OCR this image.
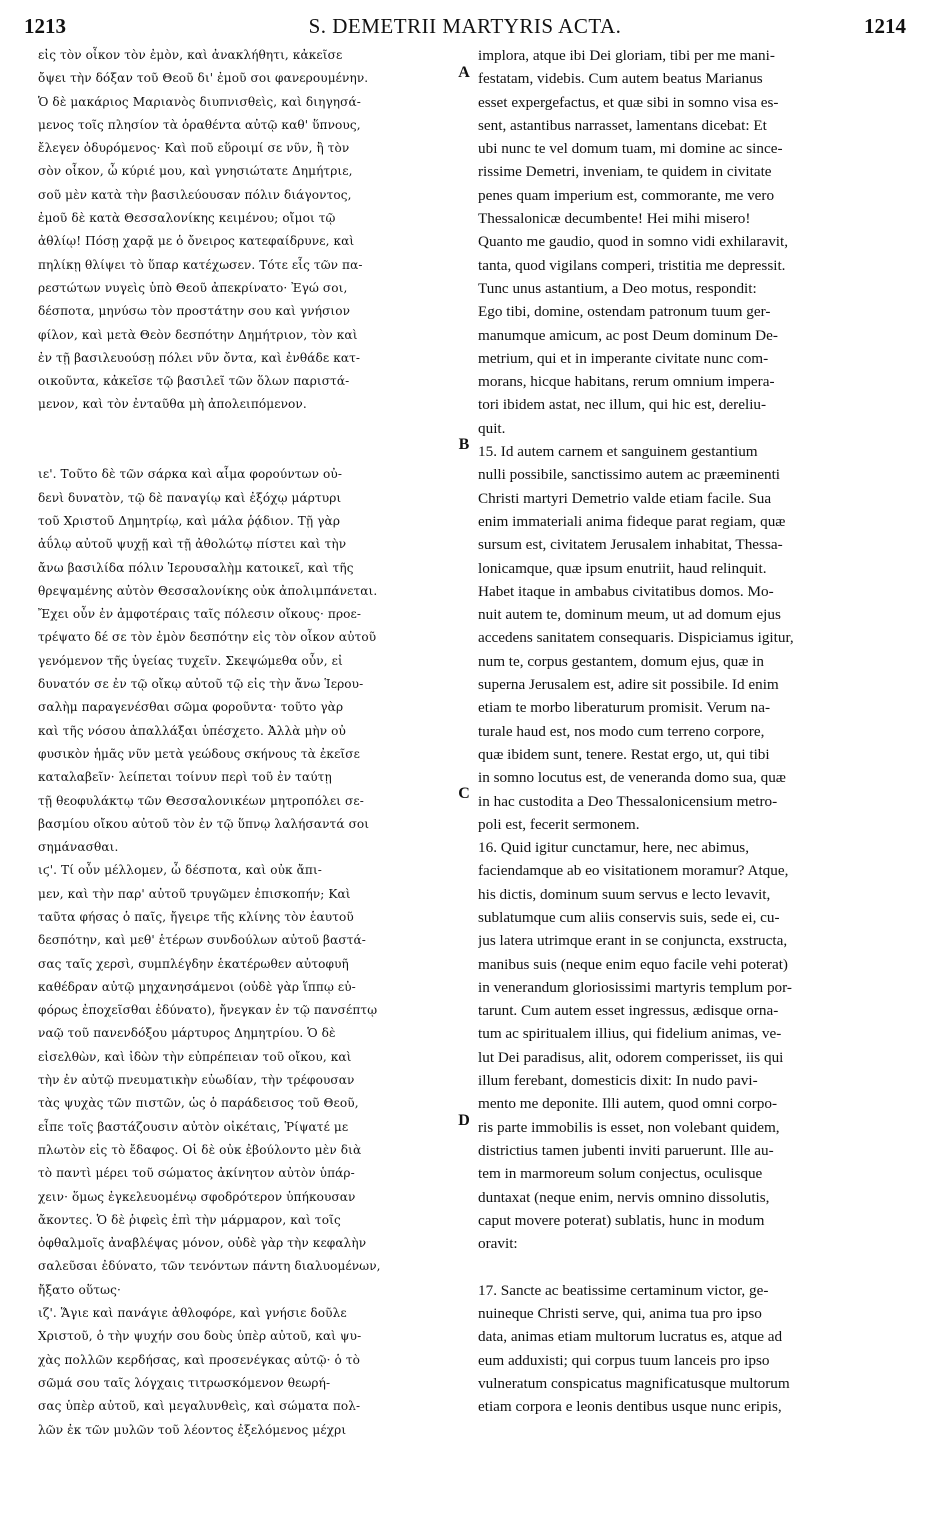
1213	S. DEMETRII MARTYRIS ACTA.	1214
εἰς τὸν οἶκον τὸν ἐμὸν, καὶ ἀνακλήθητι, κἀκεῖσε
ὄψει τὴν δόξαν τοῦ Θεοῦ δι' ἐμοῦ σοι φανερουμένην.
Ὁ δὲ μακάριος Μαριανὸς διυπνισθεὶς, καὶ διηγησά-
μενος τοῖς πλησίον τὰ ὁραθέντα αὐτῷ καθ' ὕπνους,
ἔλεγεν ὀδυρόμενος· Καὶ ποῦ εὕροιμί σε νῦν, ἢ τὸν
σὸν οἶκον, ὦ κύριέ μου, καὶ γνησιώτατε Δημήτριε,
σοῦ μὲν κατὰ τὴν βασιλεύουσαν πόλιν διάγοντος,
ἐμοῦ δὲ κατὰ Θεσσαλονίκης κειμένου; οἴμοι τῷ
ἀθλίῳ! Πόσῃ χαρᾷ με ὁ ὄνειρος κατεφαίδρυνε, καὶ
πηλίκῃ θλίψει τὸ ὕπαρ κατέχωσεν. Τότε εἷς τῶν πα-
ρεστώτων νυγεὶς ὑπὸ Θεοῦ ἀπεκρίνατο· Ἐγώ σοι,
δέσποτα, μηνύσω τὸν προστάτην σου καὶ γνήσιον
φίλον, καὶ μετὰ Θεὸν δεσπότην Δημήτριον, τὸν καὶ
ἐν τῇ βασιλευούσῃ πόλει νῦν ὄντα, καὶ ἐνθάδε κατ-
οικοῦντα, κἀκεῖσε τῷ βασιλεῖ τῶν ὅλων παριστά-
μενον, καὶ τὸν ἐνταῦθα μὴ ἀπολειπόμενον.
ιε'. Τοῦτο δὲ τῶν σάρκα καὶ αἷμα φορούντων οὐ-
δενὶ δυνατὸν, τῷ δὲ παναγίῳ καὶ ἐξόχῳ μάρτυρι
τοῦ Χριστοῦ Δημητρίῳ, καὶ μάλα ῥᾴδιον. Τῇ γὰρ
ἀΰλῳ αὐτοῦ ψυχῇ καὶ τῇ ἀθολώτῳ πίστει καὶ τὴν
ἄνω βασιλίδα πόλιν Ἱερουσαλὴμ κατοικεῖ, καὶ τῆς
θρεψαμένης αὐτὸν Θεσσαλονίκης οὐκ ἀπολιμπάνεται.
Ἔχει οὖν ἐν ἀμφοτέραις ταῖς πόλεσιν οἴκους· προε-
τρέψατο δέ σε τὸν ἐμὸν δεσπότην εἰς τὸν οἶκον αὐτοῦ
γενόμενον τῆς ὑγείας τυχεῖν. Σκεψώμεθα οὖν, εἰ
δυνατόν σε ἐν τῷ οἴκῳ αὐτοῦ τῷ εἰς τὴν ἄνω Ἱερου-
σαλὴμ παραγενέσθαι σῶμα φοροῦντα· τοῦτο γὰρ
καὶ τῆς νόσου ἀπαλλάξαι ὑπέσχετο. Ἀλλὰ μὴν οὐ
φυσικὸν ἡμᾶς νῦν μετὰ γεώδους σκήνους τὰ ἐκεῖσε
καταλαβεῖν· λείπεται τοίνυν περὶ τοῦ ἐν ταύτῃ
τῇ θεοφυλάκτῳ τῶν Θεσσαλονικέων μητροπόλει σε-
βασμίου οἴκου αὐτοῦ τὸν ἐν τῷ ὕπνῳ λαλήσαντά σοι
σημάνασθαι.
ιϛ'. Τί οὖν μέλλομεν, ὦ δέσποτα, καὶ οὐκ ἄπι-
μεν, καὶ τὴν παρ' αὐτοῦ τρυγῶμεν ἐπισκοπήν; Καὶ
ταῦτα φήσας ὁ παῖς, ἤγειρε τῆς κλίνης τὸν ἑαυτοῦ
δεσπότην, καὶ μεθ' ἑτέρων συνδούλων αὐτοῦ βαστά-
σας ταῖς χερσὶ, συμπλέγδην ἑκατέρωθεν αὐτοφυῆ
καθέδραν αὐτῷ μηχανησάμενοι (οὐδὲ γὰρ ἵππῳ εὐ-
φόρως ἐποχεῖσθαι ἐδύνατο), ἤνεγκαν ἐν τῷ πανσέπτῳ
ναῷ τοῦ πανενδόξου μάρτυρος Δημητρίου. Ὁ δὲ
εἰσελθὼν, καὶ ἰδὼν τὴν εὐπρέπειαν τοῦ οἴκου, καὶ
τὴν ἐν αὐτῷ πνευματικὴν εὐωδίαν, τὴν τρέφουσαν
τὰς ψυχὰς τῶν πιστῶν, ὡς ὁ παράδεισος τοῦ Θεοῦ,
εἶπε τοῖς βαστάζουσιν αὐτὸν οἰκέταις, Ῥίψατέ με
πλωτὸν εἰς τὸ ἔδαφος. Οἱ δὲ οὐκ ἐβούλοντο μὲν διὰ
τὸ παντὶ μέρει τοῦ σώματος ἀκίνητον αὐτὸν ὑπάρ-
χειν· ὅμως ἐγκελευομένῳ σφοδρότερον ὑπήκουσαν
ἄκοντες. Ὁ δὲ ῥιφεὶς ἐπὶ τὴν μάρμαρον, καὶ τοῖς
ὀφθαλμοῖς ἀναβλέψας μόνον, οὐδὲ γὰρ τὴν κεφαλὴν
σαλεῦσαι ἐδύνατο, τῶν τενόντων πάντη διαλυομένων,
ἤξατο οὕτως·
ιζ'. Ἅγιε καὶ πανάγιε ἀθλοφόρε, καὶ γνήσιε δοῦλε
Χριστοῦ, ὁ τὴν ψυχήν σου δοὺς ὑπὲρ αὐτοῦ, καὶ ψυ-
χὰς πολλῶν κερδήσας, καὶ προσενέγκας αὐτῷ· ὁ τὸ
σῶμά σου ταῖς λόγχαις τιτρωσκόμενον θεωρή-
σας ὑπὲρ αὐτοῦ, καὶ μεγαλυνθεὶς, καὶ σώματα πολ-
λῶν ἐκ τῶν μυλῶν τοῦ λέοντος ἐξελόμενος μέχρι
implora, atque ibi Dei gloriam, tibi per me mani-
festatam, videbis. Cum autem beatus Marianus
esset expergefactus, et quæ sibi in somno visa es-
sent, astantibus narrasset, lamentans dicebat: Et
ubi nunc te vel domum tuam, mi domine ac since-
rissime Demetri, inveniam, te quidem in civitate
penes quam imperium est, commorante, me vero
Thessalonicæ decumbente! Hei mihi misero!
Quanto me gaudio, quod in somno vidi exhilaravit,
tanta, quod vigilans comperi, tristitia me depressit.
Tunc unus astantium, a Deo motus, respondit:
Ego tibi, domine, ostendam patronum tuum ger-
manumque amicum, ac post Deum dominum De-
metrium, qui et in imperante civitate nunc com-
morans, hicque habitans, rerum omnium impera-
tori ibidem astat, nec illum, qui hic est, dereliu-
quit.
15. Id autem carnem et sanguinem gestantium
nulli possibile, sanctissimo autem ac præeminenti
Christi martyri Demetrio valde etiam facile. Sua
enim immateriali anima fideque parat regiam, quæ
sursum est, civitatem Jerusalem inhabitat, Thessa-
lonicamque, quæ ipsum enutriit, haud relinquit.
Habet itaque in ambabus civitatibus domos. Mo-
nuit autem te, dominum meum, ut ad domum ejus
accedens sanitatem consequaris. Dispiciamus igitur,
num te, corpus gestantem, domum ejus, quæ in
superna Jerusalem est, adire sit possibile. Id enim
etiam te morbo liberaturum promisit. Verum na-
turale haud est, nos modo cum terreno corpore,
quæ ibidem sunt, tenere. Restat ergo, ut, qui tibi
in somno locutus est, de veneranda domo sua, quæ
in hac custodita a Deo Thessalonicensium metro-
poli est, fecerit sermonem.
16. Quid igitur cunctamur, here, nec abimus,
faciendamque ab eo visitationem moramur? Atque,
his dictis, dominum suum servus e lecto levavit,
sublatumque cum aliis conservis suis, sede ei, cu-
jus latera utrimque erant in se conjuncta, exstructa,
manibus suis (neque enim equo facile vehi poterat)
in venerandum gloriosissimi martyris templum por-
tarunt. Cum autem esset ingressus, ædisque orna-
tum ac spiritualem illius, qui fidelium animas, ve-
lut Dei paradisus, alit, odorem comperisset, iis qui
illum ferebant, domesticis dixit: In nudo pavi-
mento me deponite. Illi autem, quod omni corpo-
ris parte immobilis is esset, non volebant quidem,
districtius tamen jubenti inviti paruerunt. Ille au-
tem in marmoreum solum conjectus, oculisque
duntaxat (neque enim, nervis omnino dissolutis,
caput movere poterat) sublatis, hunc in modum
oravit:
17. Sancte ac beatissime certaminum victor, ge-
nuineque Christi serve, qui, anima tua pro ipso
data, animas etiam multorum lucratus es, atque ad
eum adduxisti; qui corpus tuum lanceis pro ipso
vulneratum conspicatus magnificatusque multorum
etiam corpora e leonis dentibus usque nunc eripis,
A
B
C
D
